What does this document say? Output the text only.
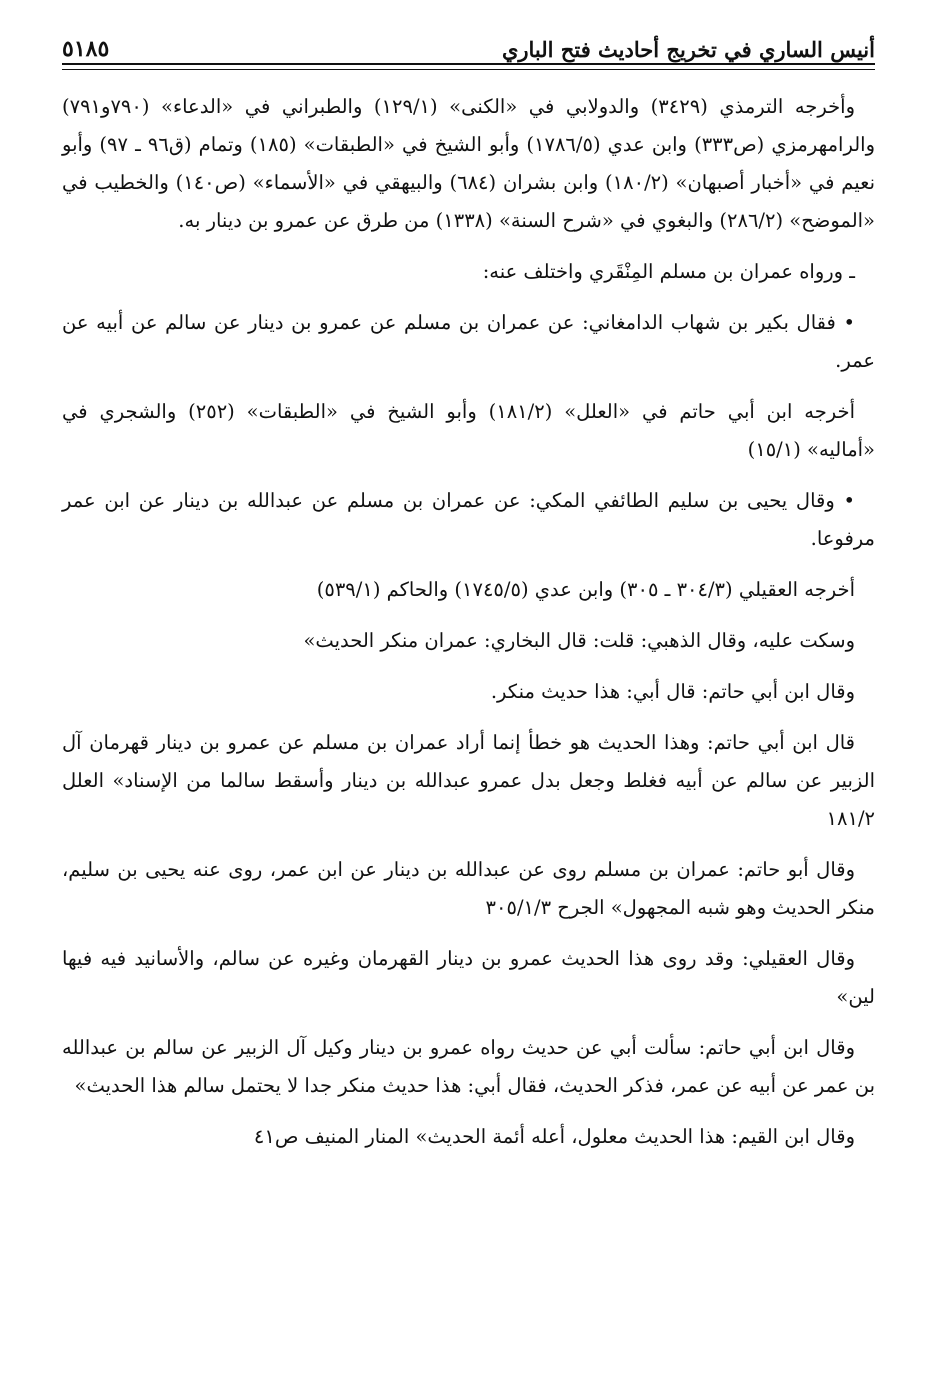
أنيس الساري في تخريج أحاديث فتح الباري
٥١٨٥

وأخرجه الترمذي (٣٤٢٩) والدولابي في «الكنى» (١٢٩/١) والطبراني في «الدعاء» (٧٩٠و٧٩١) والرامهرمزي (ص٣٣٣) وابن عدي (١٧٨٦/٥) وأبو الشيخ في «الطبقات» (١٨٥) وتمام (ق٩٦ ـ ٩٧) وأبو نعيم في «أخبار أصبهان» (١٨٠/٢) وابن بشران (٦٨٤) والبيهقي في «الأسماء» (ص١٤٠) والخطيب في «الموضح» (٢٨٦/٢) والبغوي في «شرح السنة» (١٣٣٨) من طرق عن عمرو بن دينار به.

ـ ورواه عمران بن مسلم المِنْقَري واختلف عنه:

• فقال بكير بن شهاب الدامغاني: عن عمران بن مسلم عن عمرو بن دينار عن سالم عن أبيه عن عمر.

أخرجه ابن أبي حاتم في «العلل» (١٨١/٢) وأبو الشيخ في «الطبقات» (٢٥٢) والشجري في «أماليه» (١٥/١)

• وقال يحيى بن سليم الطائفي المكي: عن عمران بن مسلم عن عبدالله بن دينار عن ابن عمر مرفوعا.

أخرجه العقيلي (٣٠٤/٣ ـ ٣٠٥) وابن عدي (١٧٤٥/٥) والحاكم (٥٣٩/١)

وسكت عليه، وقال الذهبي: قلت: قال البخاري: عمران منكر الحديث»

وقال ابن أبي حاتم: قال أبي: هذا حديث منكر.

قال ابن أبي حاتم: وهذا الحديث هو خطأ إنما أراد عمران بن مسلم عن عمرو بن دينار قهرمان آل الزبير عن سالم عن أبيه فغلط وجعل بدل عمرو عبدالله بن دينار وأسقط سالما من الإسناد» العلل ١٨١/٢

وقال أبو حاتم: عمران بن مسلم روى عن عبدالله بن دينار عن ابن عمر، روى عنه يحيى بن سليم، منكر الحديث وهو شبه المجهول» الجرح ٣٠٥/١/٣

وقال العقيلي: وقد روى هذا الحديث عمرو بن دينار القهرمان وغيره عن سالم، والأسانيد فيه فيها لين»

وقال ابن أبي حاتم: سألت أبي عن حديث رواه عمرو بن دينار وكيل آل الزبير عن سالم بن عبدالله بن عمر عن أبيه عن عمر، فذكر الحديث، فقال أبي: هذا حديث منكر جدا لا يحتمل سالم هذا الحديث»

وقال ابن القيم: هذا الحديث معلول، أعله أئمة الحديث» المنار المنيف ص٤١
